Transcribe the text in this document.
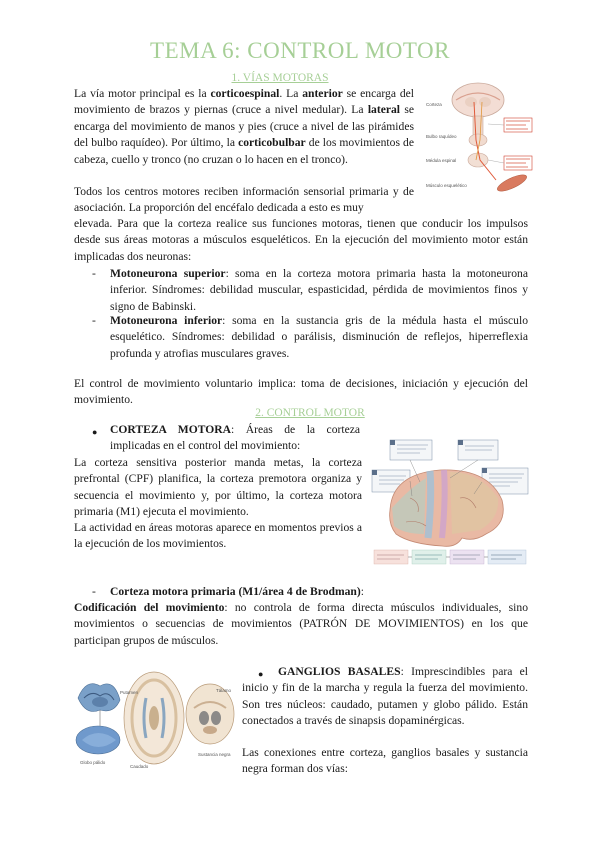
TEMA 6: CONTROL MOTOR
1. VÍAS MOTORAS

La vía motor principal es la corticoespinal. La anterior se encarga del movimiento de brazos y piernas (cruce a nivel medular). La lateral se encarga del movimiento de manos y pies (cruce a nivel de las pirámides del bulbo raquídeo). Por último, la corticobulbar de los movimientos de cabeza, cuello y tronco (no cruzan o lo hacen en el tronco).

Todos los centros motores reciben información sensorial primaria y de asociación. La proporción del encéfalo dedicada a esto es muy

elevada. Para que la corteza realice sus funciones motoras, tienen que conducir los impulsos desde sus áreas motoras a músculos esqueléticos. En la ejecución del movimiento motor están implicadas dos neuronas:

- Motoneurona superior: soma en la corteza motora primaria hasta la motoneurona inferior. Síndromes: debilidad muscular, espasticidad, pérdida de movimientos finos y signo de Babinski.
- Motoneurona inferior: soma en la sustancia gris de la médula hasta el músculo esquelético. Síndromes: debilidad o parálisis, disminución de reflejos, hiperreflexia profunda y atrofias musculares graves.

El control de movimiento voluntario implica: toma de decisiones, iniciación y ejecución del movimiento.

2. CONTROL MOTOR
● CORTEZA MOTORA: Áreas de la corteza implicadas en el control del movimiento:

La corteza sensitiva posterior manda metas, la corteza prefrontal (CPF) planifica, la corteza premotora organiza y secuencia el movimiento y, por último, la corteza motora primaria (M1) ejecuta el movimiento.

La actividad en áreas motoras aparece en momentos previos a la ejecución de los movimientos.

- Corteza motora primaria (M1/área 4 de Brodman):

Codificación del movimiento: no controla de forma directa músculos individuales, sino movimientos o secuencias de movimientos (PATRÓN DE MOVIMIENTOS) en los que participan grupos de músculos.

●	GANGLIOS BASALES: Imprescindibles para el inicio y fin de la marcha y regula la fuerza del movimiento. Son tres núcleos: caudado, putamen y globo pálido. Están conectados a través de sinapsis dopaminérgicas.

Las conexiones entre corteza, ganglios basales y sustancia negra forman dos vías:

Corteza
Bulbo raquídeo
Médula espinal
Músculo esquelético
Caudado
Putamen
Globo pálido
Sustancia negra
Tálamo
